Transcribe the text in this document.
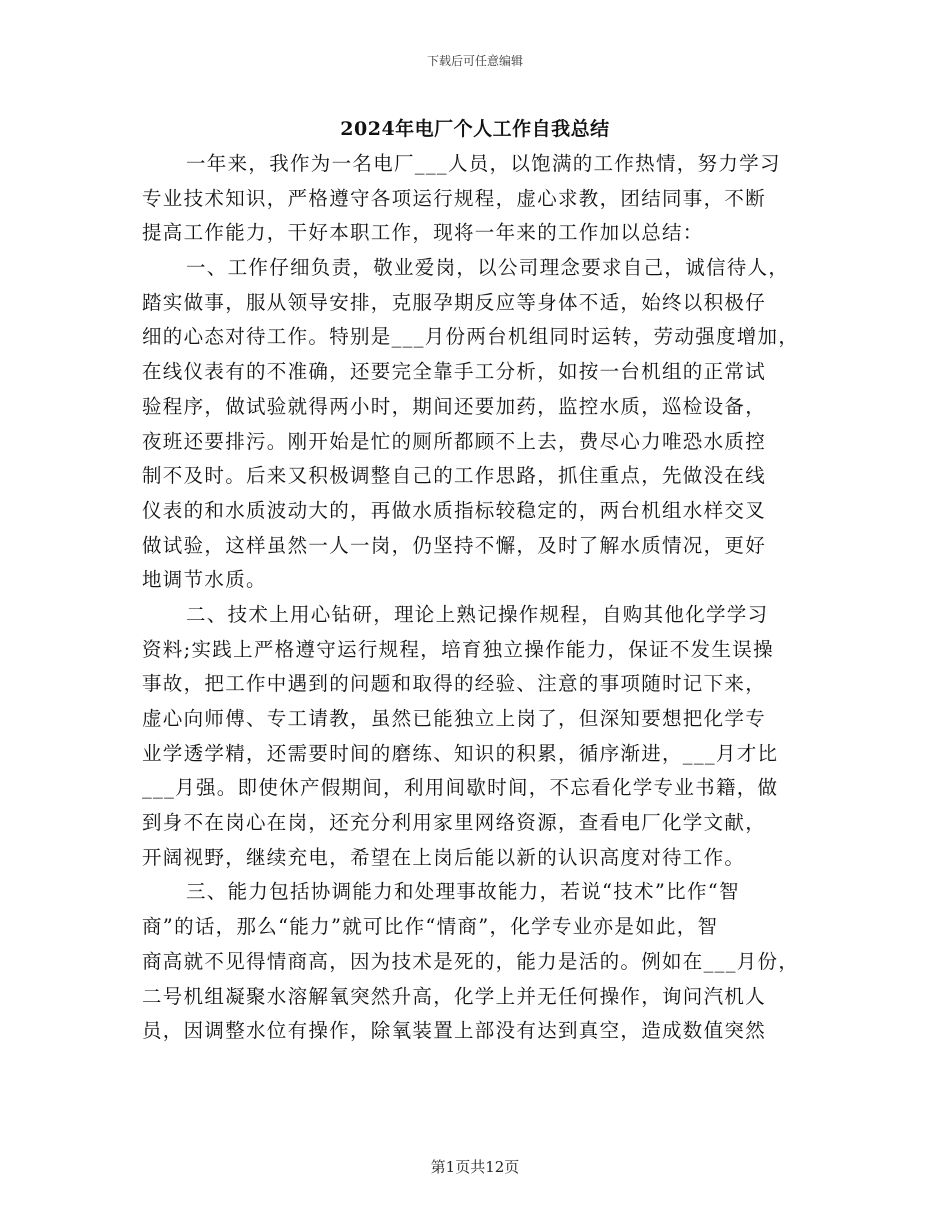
下载后可任意编辑
2024年电厂个人工作自我总结
一年来，我作为一名电厂___人员，以饱满的工作热情，努力学习
专业技术知识，严格遵守各项运行规程，虚心求教，团结同事，不断
提高工作能力，干好本职工作，现将一年来的工作加以总结：
一、工作仔细负责，敬业爱岗，以公司理念要求自己，诚信待人，
踏实做事，服从领导安排，克服孕期反应等身体不适，始终以积极仔
细的心态对待工作。特别是___月份两台机组同时运转，劳动强度增加，
在线仪表有的不准确，还要完全靠手工分析，如按一台机组的正常试
验程序，做试验就得两小时，期间还要加药，监控水质，巡检设备，
夜班还要排污。刚开始是忙的厕所都顾不上去，费尽心力唯恐水质控
制不及时。后来又积极调整自己的工作思路，抓住重点，先做没在线
仪表的和水质波动大的，再做水质指标较稳定的，两台机组水样交叉
做试验，这样虽然一人一岗，仍坚持不懈，及时了解水质情况，更好
地调节水质。
二、技术上用心钻研，理论上熟记操作规程，自购其他化学学习
资料;实践上严格遵守运行规程，培育独立操作能力，保证不发生误操
事故，把工作中遇到的问题和取得的经验、注意的事项随时记下来，
虚心向师傅、专工请教，虽然已能独立上岗了，但深知要想把化学专
业学透学精，还需要时间的磨练、知识的积累，循序渐进，___月才比
___月强。即使休产假期间，利用间歇时间，不忘看化学专业书籍，做
到身不在岗心在岗，还充分利用家里网络资源，查看电厂化学文献，
开阔视野，继续充电，希望在上岗后能以新的认识高度对待工作。
三、能力包括协调能力和处理事故能力，若说“技术”比作“智
商”的话，那么“能力”就可比作“情商”，化学专业亦是如此，智
商高就不见得情商高，因为技术是死的，能力是活的。例如在___月份，
二号机组凝聚水溶解氧突然升高，化学上并无任何操作，询问汽机人
员，因调整水位有操作，除氧装置上部没有达到真空，造成数值突然
第1页共12页
